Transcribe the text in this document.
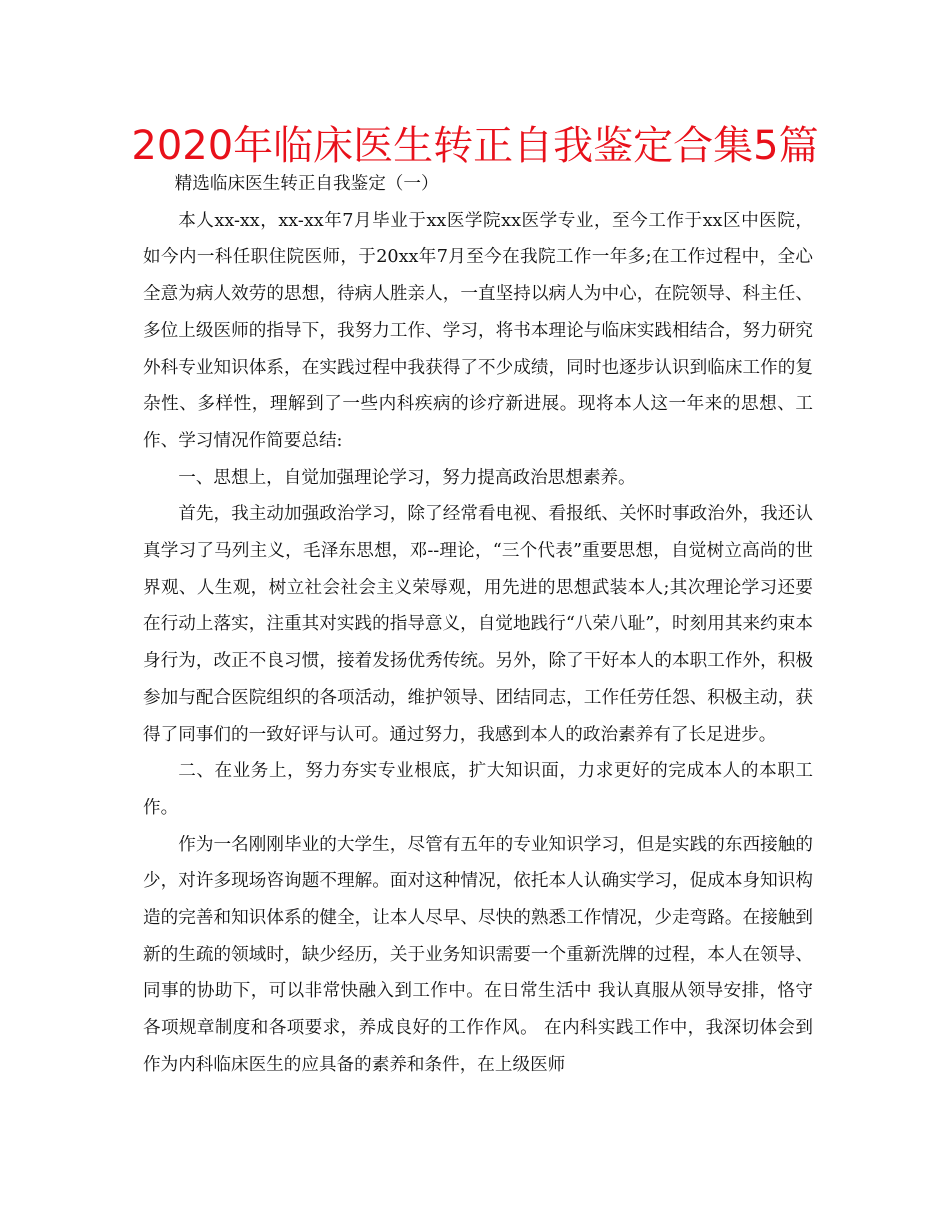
2020年临床医生转正自我鉴定合集5篇

精选临床医生转正自我鉴定（一）

本人xx-xx，xx-xx年7月毕业于xx医学院xx医学专业，至今工作于xx区中医院，如今内一科任职住院医师，于20xx年7月至今在我院工作一年多;在工作过程中，全心全意为病人效劳的思想，待病人胜亲人，一直坚持以病人为中心，在院领导、科主任、多位上级医师的指导下，我努力工作、学习，将书本理论与临床实践相结合，努力研究外科专业知识体系，在实践过程中我获得了不少成绩，同时也逐步认识到临床工作的复杂性、多样性，理解到了一些内科疾病的诊疗新进展。现将本人这一年来的思想、工作、学习情况作简要总结:

一、思想上，自觉加强理论学习，努力提高政治思想素养。

首先，我主动加强政治学习，除了经常看电视、看报纸、关怀时事政治外，我还认真学习了马列主义，毛泽东思想，邓--理论，“三个代表”重要思想，自觉树立高尚的世界观、人生观，树立社会社会主义荣辱观，用先进的思想武装本人;其次理论学习还要在行动上落实，注重其对实践的指导意义，自觉地践行“八荣八耻”，时刻用其来约束本身行为，改正不良习惯，接着发扬优秀传统。另外，除了干好本人的本职工作外，积极参加与配合医院组织的各项活动，维护领导、团结同志，工作任劳任怨、积极主动，获得了同事们的一致好评与认可。通过努力，我感到本人的政治素养有了长足进步。

二、在业务上，努力夯实专业根底，扩大知识面，力求更好的完成本人的本职工作。

作为一名刚刚毕业的大学生，尽管有五年的专业知识学习，但是实践的东西接触的少，对许多现场咨询题不理解。面对这种情况，依托本人认确实学习，促成本身知识构造的完善和知识体系的健全，让本人尽早、尽快的熟悉工作情况，少走弯路。在接触到新的生疏的领域时，缺少经历，关于业务知识需要一个重新洗牌的过程，本人在领导、同事的协助下，可以非常快融入到工作中。在日常生活中 我认真服从领导安排，恪守各项规章制度和各项要求，养成良好的工作作风。 在内科实践工作中，我深切体会到作为内科临床医生的应具备的素养和条件，在上级医师
